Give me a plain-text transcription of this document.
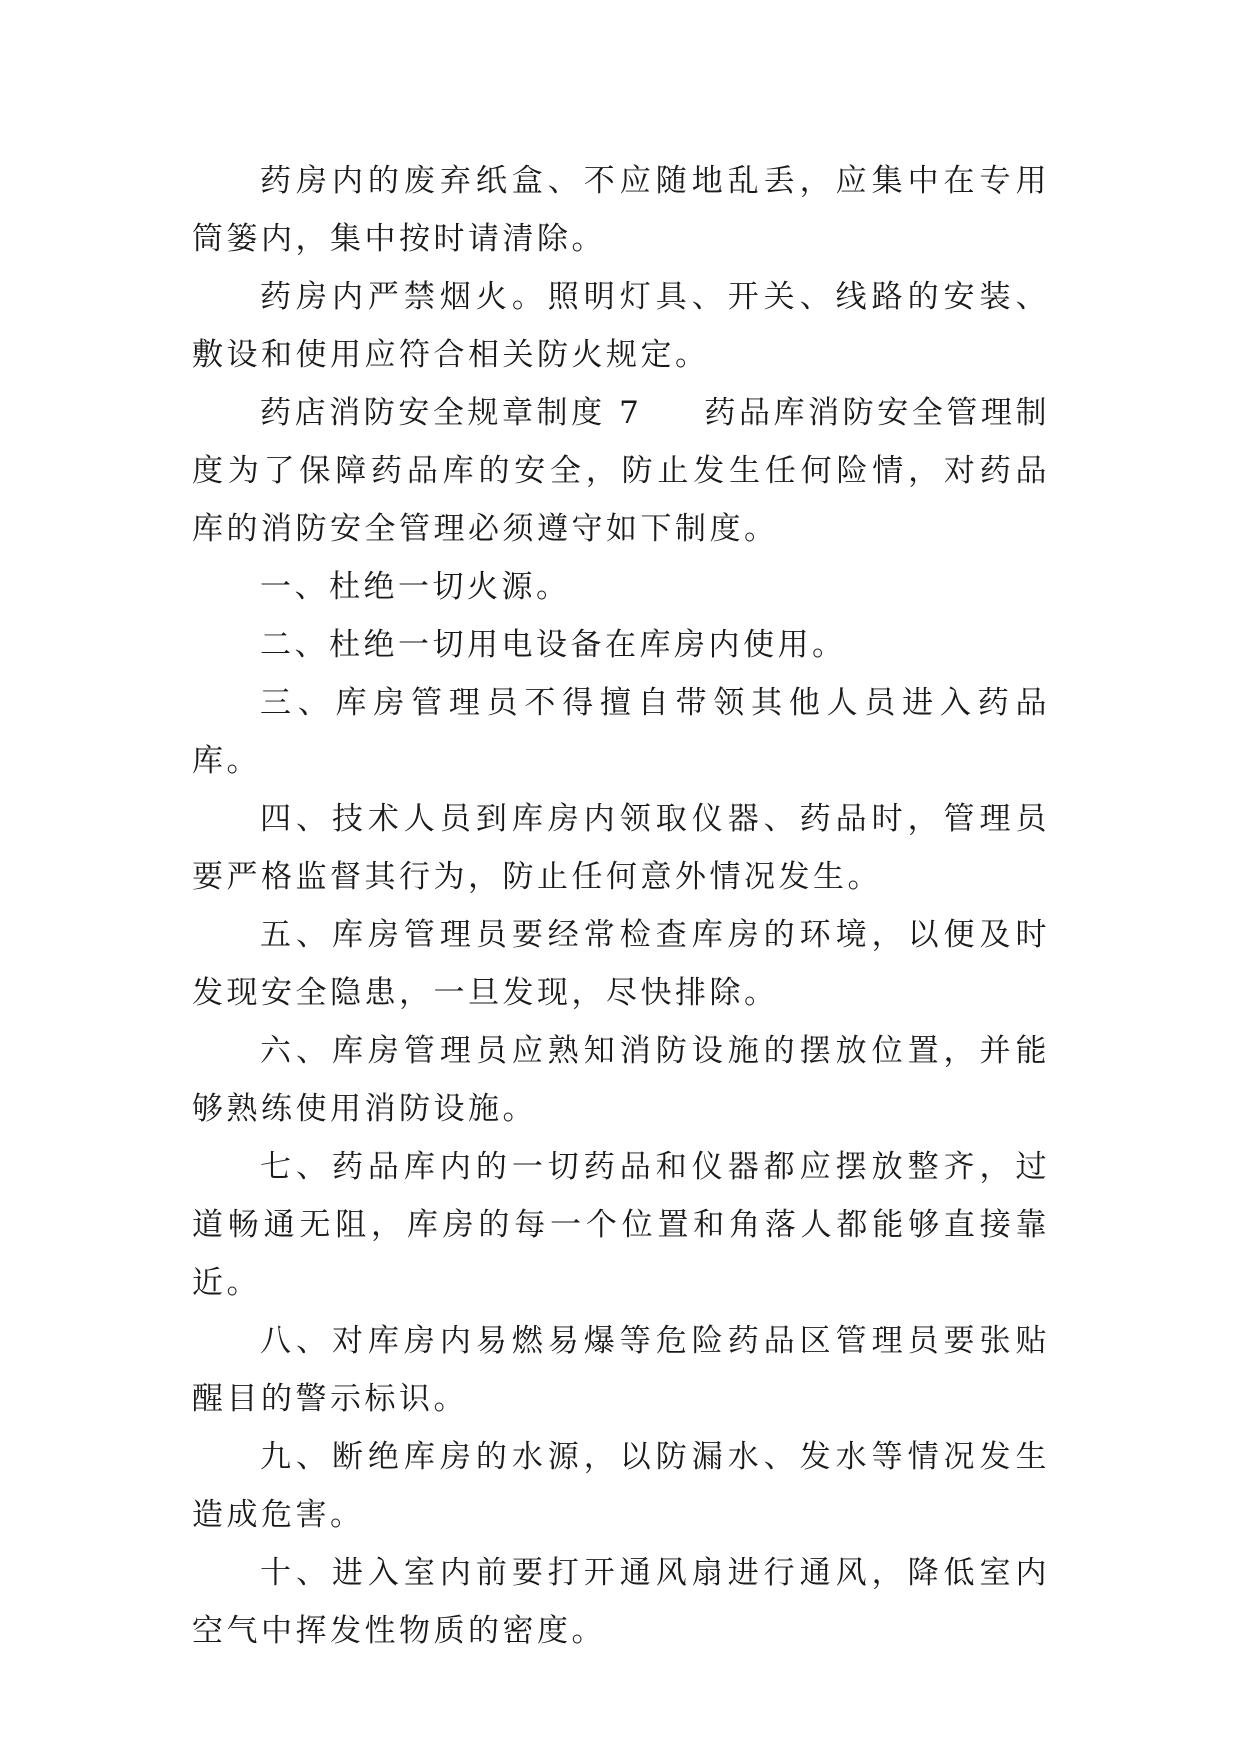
药房内的废弃纸盒、不应随地乱丢，应集中在专用筒篓内，集中按时请清除。

药房内严禁烟火。照明灯具、开关、线路的安装、敷设和使用应符合相关防火规定。

药店消防安全规章制度 7 药品库消防安全管理制度为了保障药品库的安全，防止发生任何险情，对药品库的消防安全管理必须遵守如下制度。

一、杜绝一切火源。

二、杜绝一切用电设备在库房内使用。

三、库房管理员不得擅自带领其他人员进入药品库。

四、技术人员到库房内领取仪器、药品时，管理员要严格监督其行为，防止任何意外情况发生。

五、库房管理员要经常检查库房的环境，以便及时发现安全隐患，一旦发现，尽快排除。

六、库房管理员应熟知消防设施的摆放位置，并能够熟练使用消防设施。

七、药品库内的一切药品和仪器都应摆放整齐，过道畅通无阻，库房的每一个位置和角落人都能够直接靠近。

八、对库房内易燃易爆等危险药品区管理员要张贴醒目的警示标识。

九、断绝库房的水源，以防漏水、发水等情况发生造成危害。

十、进入室内前要打开通风扇进行通风，降低室内空气中挥发性物质的密度。
